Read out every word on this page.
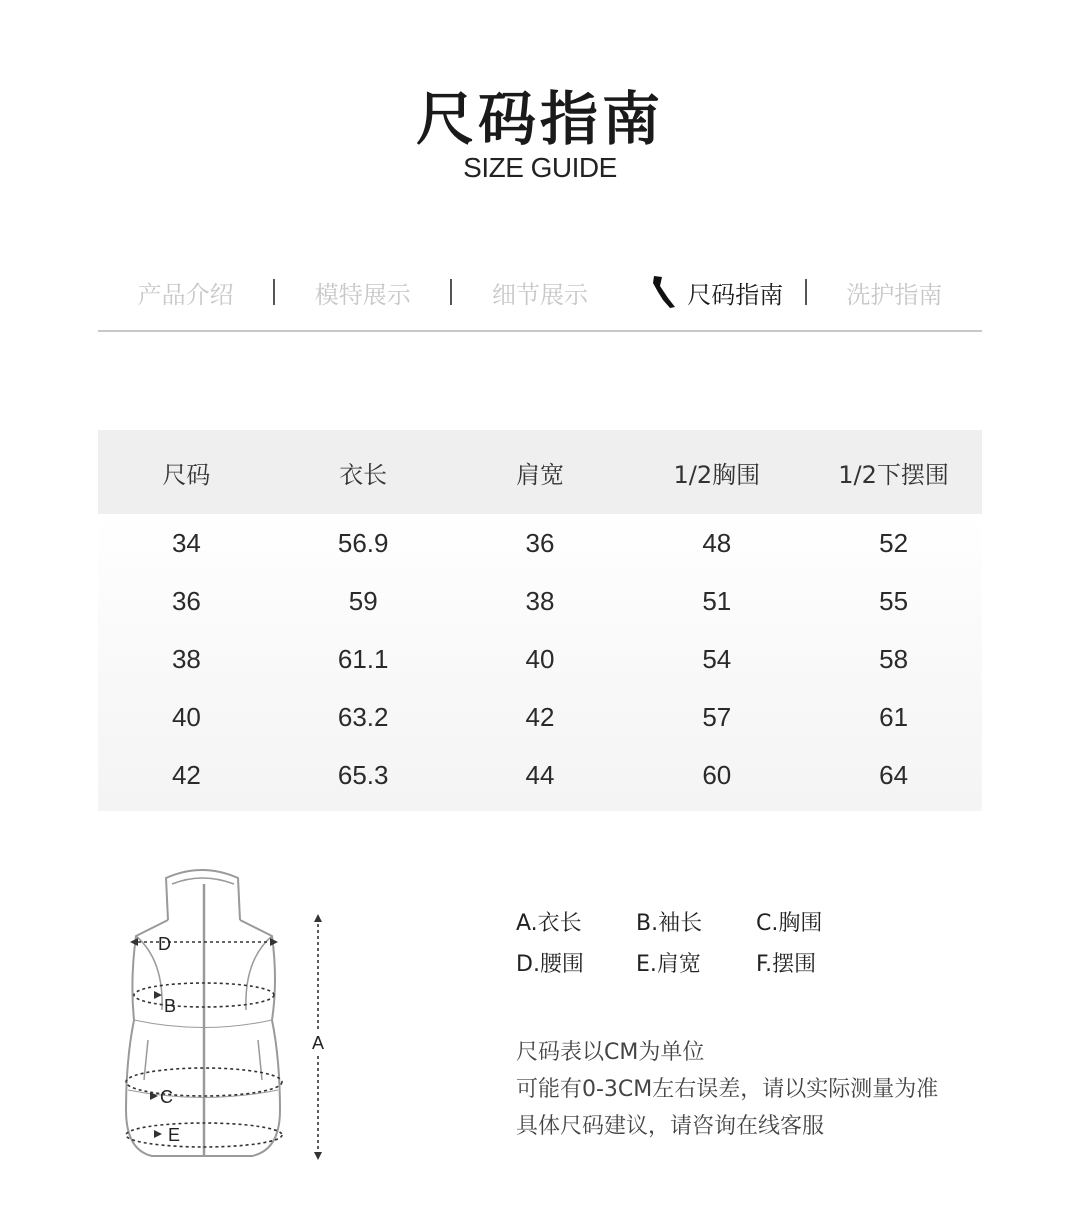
尺码指南
SIZE GUIDE
产品介绍	模特展示	细节展示	尺码指南	洗护指南
尺码	衣长	肩宽	1/2胸围	1/2下摆围
34	56.9	36	48	52
36	59	38	51	55
38	61.1	40	54	58
40	63.2	42	57	61
42	65.3	44	60	64
D
B
C
E
A
A.衣长	B.袖长	C.胸围
D.腰围	E.肩宽	F.摆围
尺码表以CM为单位
可能有0-3CM左右误差，请以实际测量为准
具体尺码建议，请咨询在线客服
